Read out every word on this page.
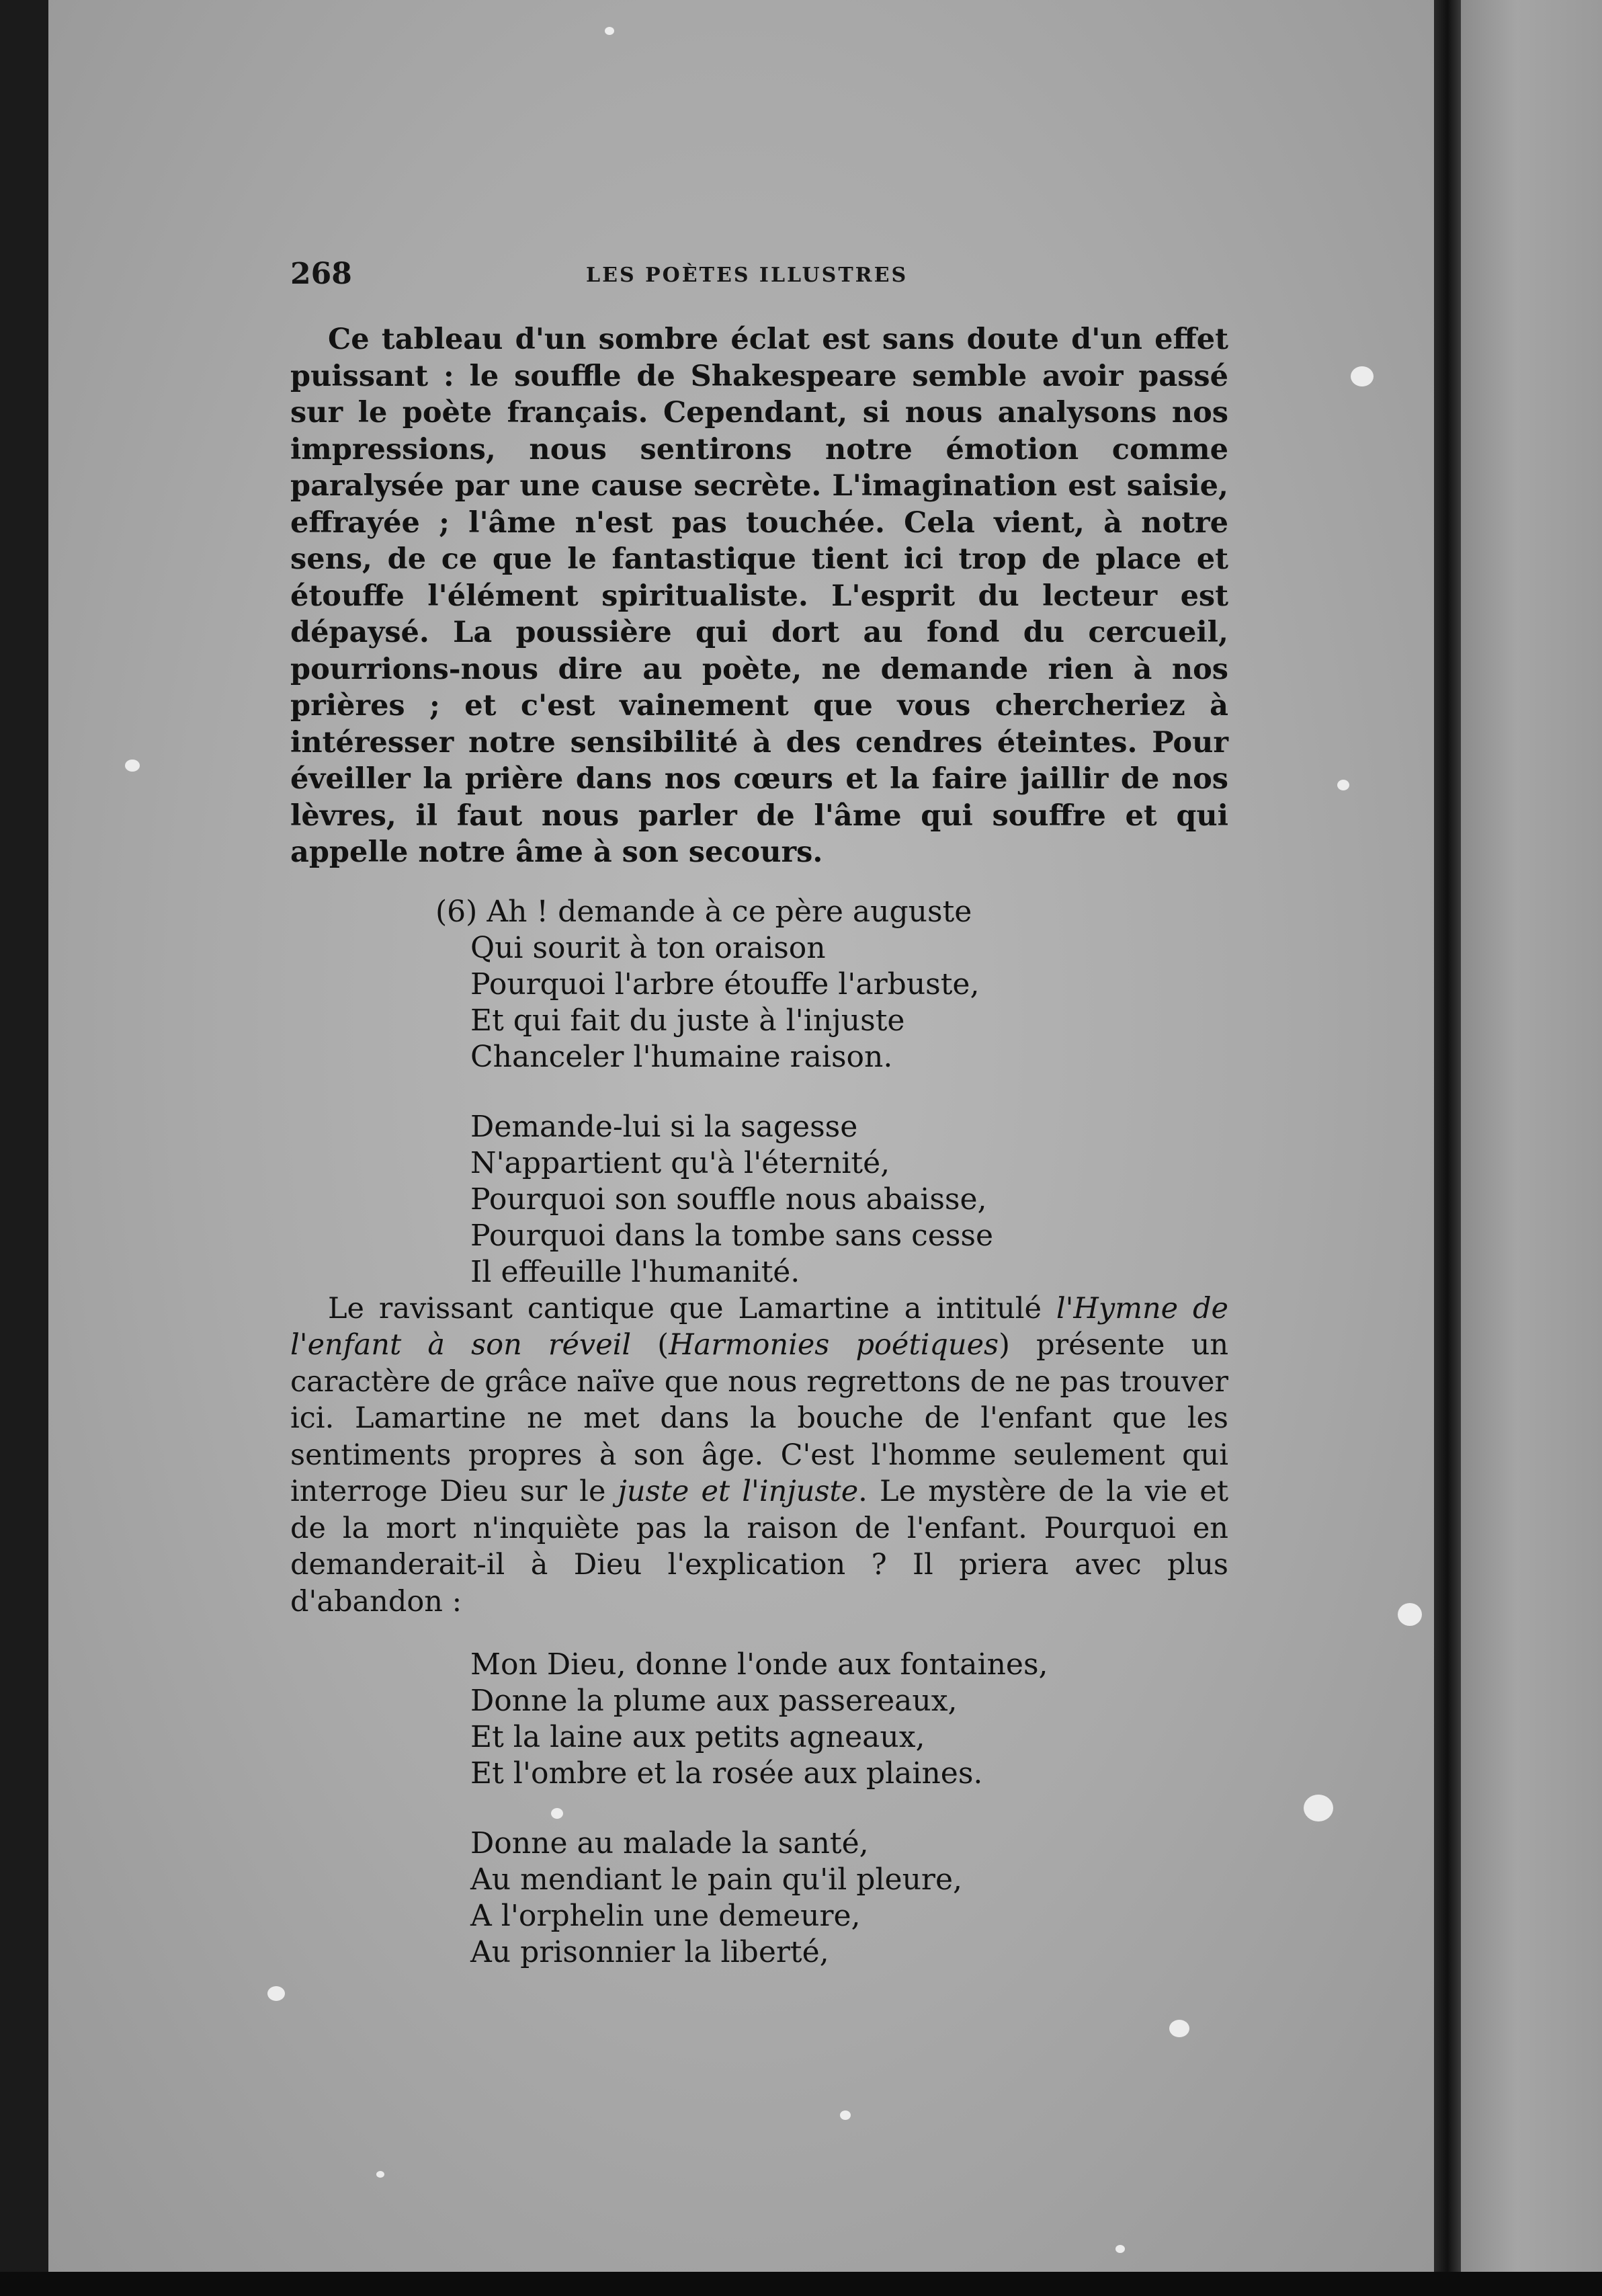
268	LES POÈTES ILLUSTRES

Ce tableau d'un sombre éclat est sans doute d'un effet puissant : le souffle de Shakespeare semble avoir passé sur le poète français. Cependant, si nous analysons nos impressions, nous sentirons notre émotion comme paralysée par une cause secrète. L'imagination est saisie, effrayée ; l'âme n'est pas touchée. Cela vient, à notre sens, de ce que le fantastique tient ici trop de place et étouffe l'élément spiritualiste. L'esprit du lecteur est dépaysé. La poussière qui dort au fond du cercueil, pourrions-nous dire au poète, ne demande rien à nos prières ; et c'est vainement que vous chercheriez à intéresser notre sensibilité à des cendres éteintes. Pour éveiller la prière dans nos cœurs et la faire jaillir de nos lèvres, il faut nous parler de l'âme qui souffre et qui appelle notre âme à son secours.

(6) Ah ! demande à ce père auguste
Qui sourit à ton oraison
Pourquoi l'arbre étouffe l'arbuste,
Et qui fait du juste à l'injuste
Chanceler l'humaine raison.
Demande-lui si la sagesse
N'appartient qu'à l'éternité,
Pourquoi son souffle nous abaisse,
Pourquoi dans la tombe sans cesse
Il effeuille l'humanité.

Le ravissant cantique que Lamartine a intitulé l'Hymne de l'enfant à son réveil (Harmonies poétiques) présente un caractère de grâce naïve que nous regrettons de ne pas trouver ici. Lamartine ne met dans la bouche de l'enfant que les sentiments propres à son âge. C'est l'homme seulement qui interroge Dieu sur le juste et l'injuste. Le mystère de la vie et de la mort n'inquiète pas la raison de l'enfant. Pourquoi en demanderait-il à Dieu l'explication ? Il priera avec plus d'abandon :

Mon Dieu, donne l'onde aux fontaines,
Donne la plume aux passereaux,
Et la laine aux petits agneaux,
Et l'ombre et la rosée aux plaines.
Donne au malade la santé,
Au mendiant le pain qu'il pleure,
A l'orphelin une demeure,
Au prisonnier la liberté,
